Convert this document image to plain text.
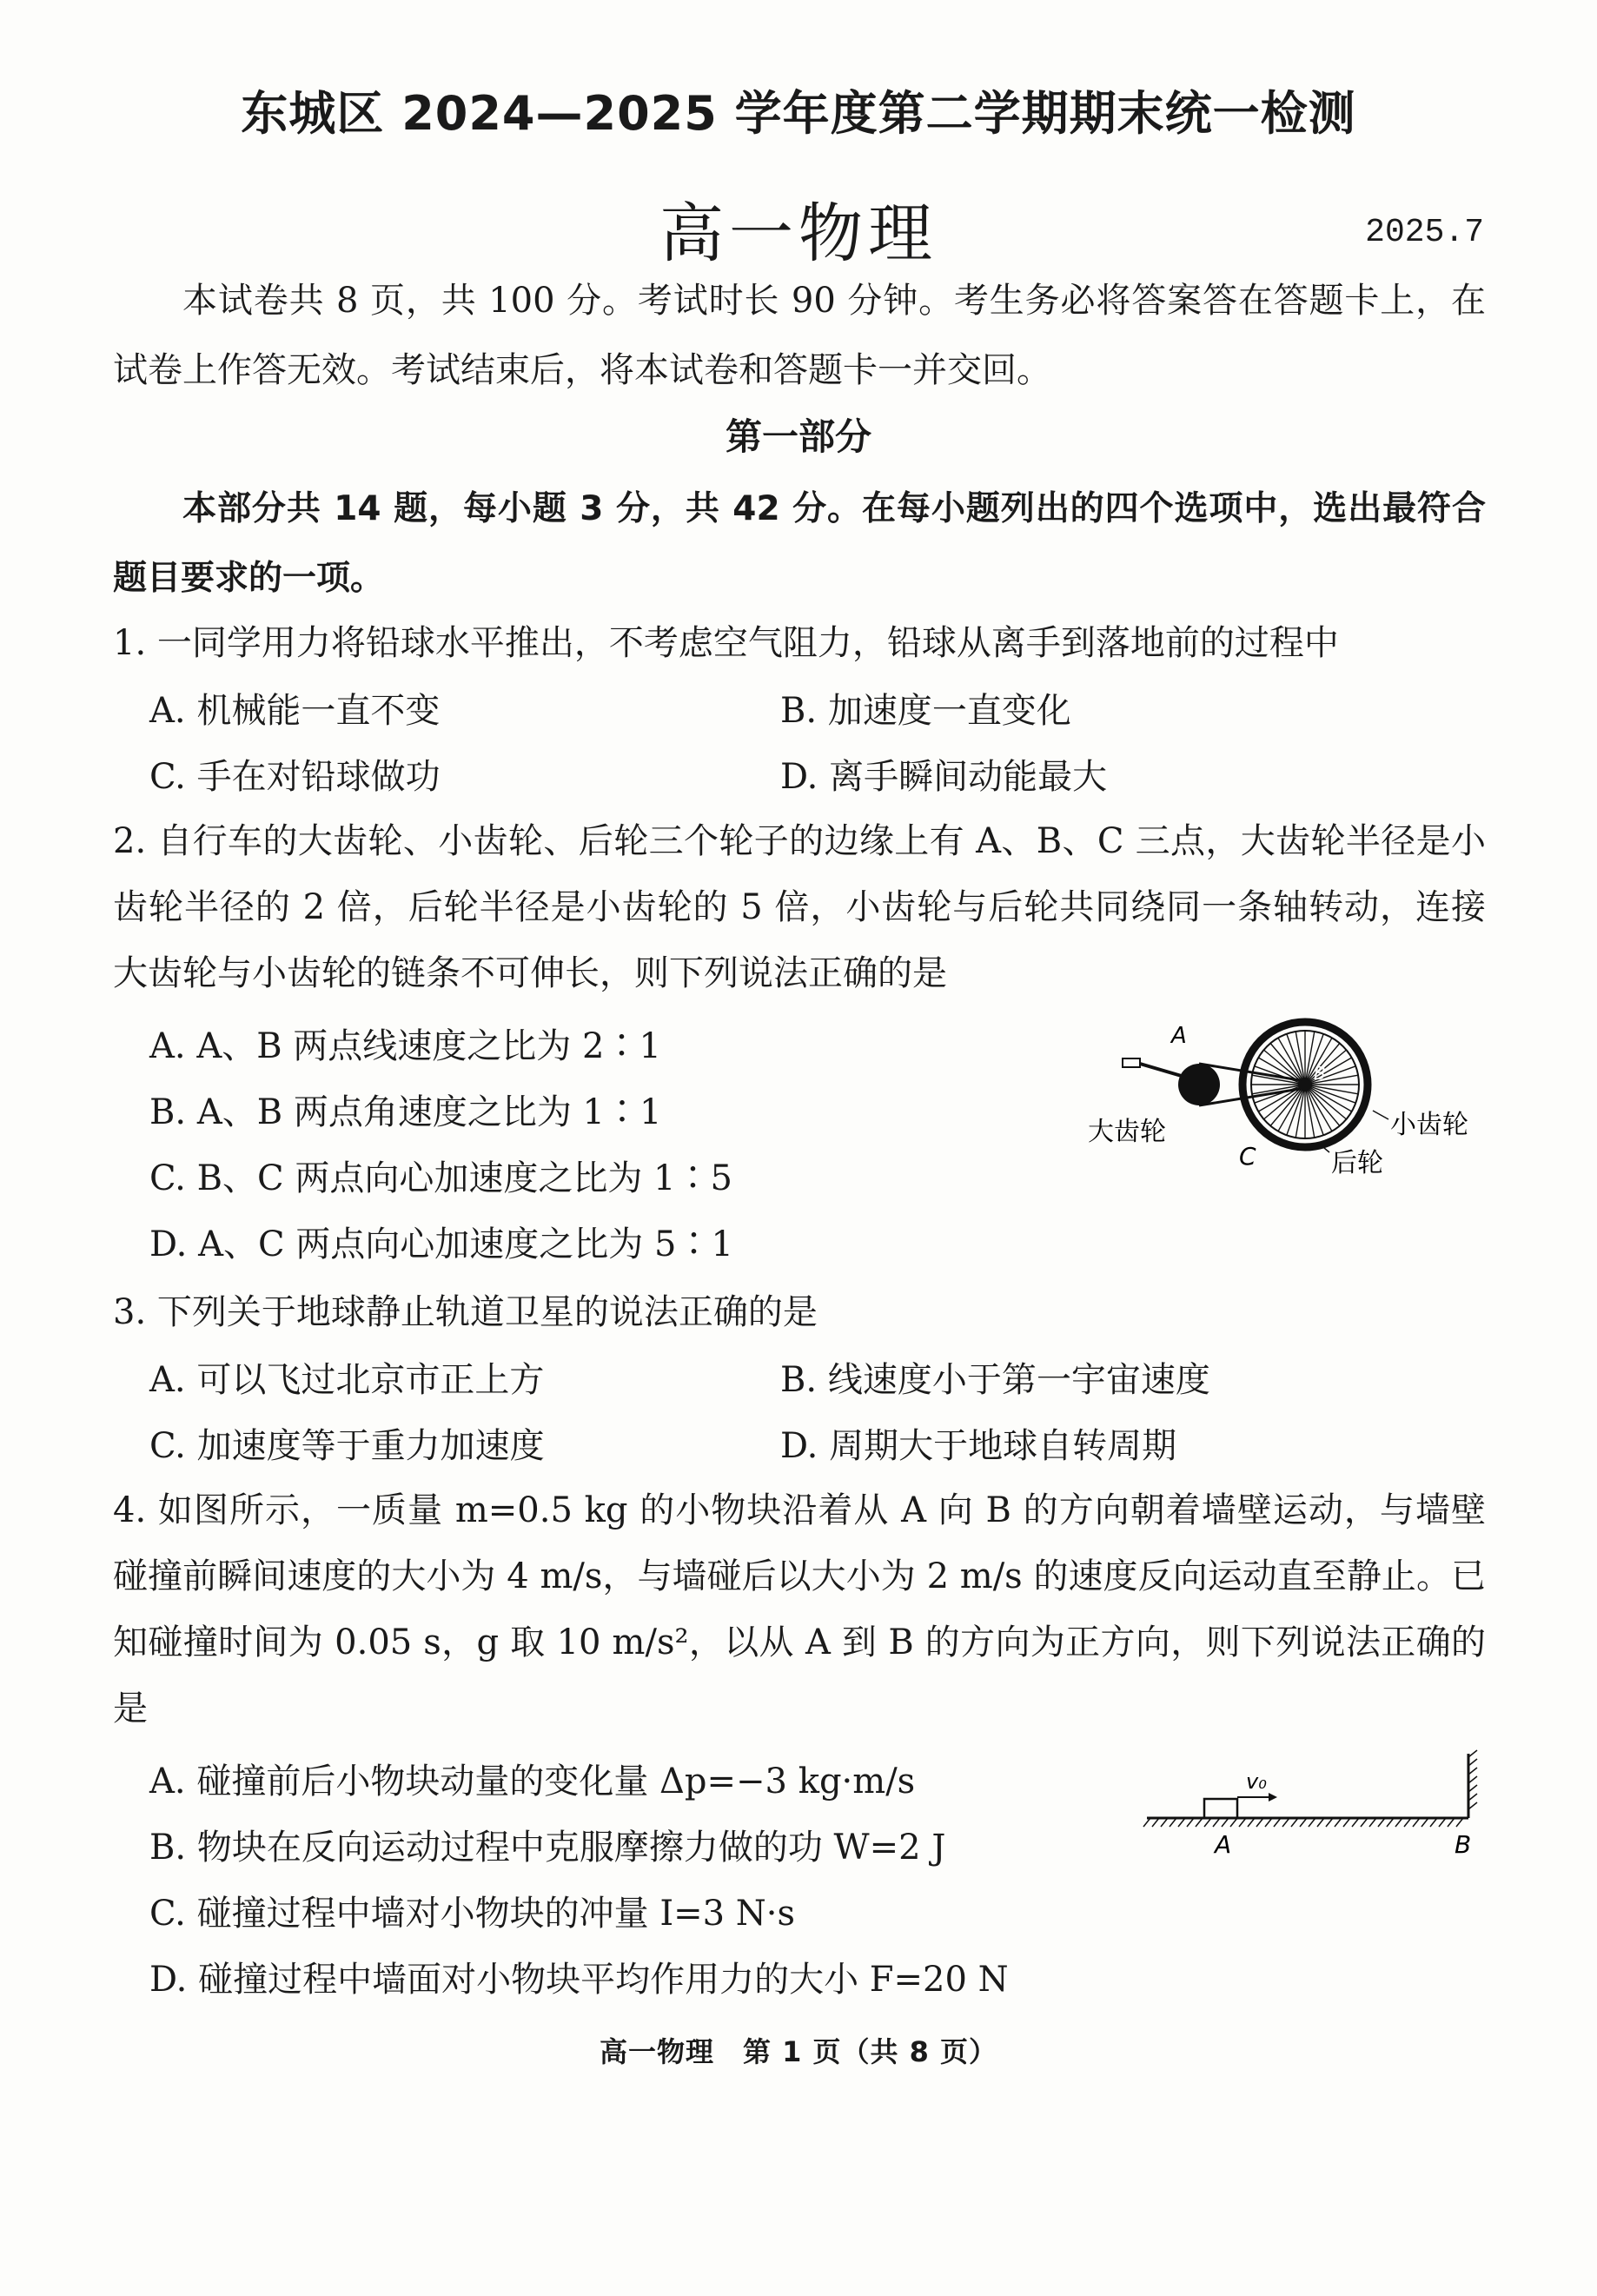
东城区 2024—2025 学年度第二学期期末统一检测
高一物理	2025.7
本试卷共 8 页，共 100 分。考试时长 90 分钟。考生务必将答案答在答题卡上，在试卷上作答无效。考试结束后，将本试卷和答题卡一并交回。
第一部分
本部分共 14 题，每小题 3 分，共 42 分。在每小题列出的四个选项中，选出最符合题目要求的一项。
1. 一同学用力将铅球水平推出，不考虑空气阻力，铅球从离手到落地前的过程中
A. 机械能一直不变	B. 加速度一直变化
C. 手在对铅球做功	D. 离手瞬间动能最大
2. 自行车的大齿轮、小齿轮、后轮三个轮子的边缘上有 A、B、C 三点，大齿轮半径是小齿轮半径的 2 倍，后轮半径是小齿轮的 5 倍，小齿轮与后轮共同绕同一条轴转动，连接大齿轮与小齿轮的链条不可伸长，则下列说法正确的是
A. A、B 两点线速度之比为 2∶1
B. A、B 两点角速度之比为 1∶1
C. B、C 两点向心加速度之比为 1∶5
D. A、C 两点向心加速度之比为 5∶1
A
B
C
大齿轮	小齿轮
后轮
3. 下列关于地球静止轨道卫星的说法正确的是
A. 可以飞过北京市正上方	B. 线速度小于第一宇宙速度
C. 加速度等于重力加速度	D. 周期大于地球自转周期
4. 如图所示，一质量 m=0.5 kg 的小物块沿着从 A 向 B 的方向朝着墙壁运动，与墙壁碰撞前瞬间速度的大小为 4 m/s，与墙碰后以大小为 2 m/s 的速度反向运动直至静止。已知碰撞时间为 0.05 s，g 取 10 m/s²，以从 A 到 B 的方向为正方向，则下列说法正确的是
A. 碰撞前后小物块动量的变化量 Δp=−3 kg·m/s
B. 物块在反向运动过程中克服摩擦力做的功 W=2 J
C. 碰撞过程中墙对小物块的冲量 I=3 N·s
D. 碰撞过程中墙面对小物块平均作用力的大小 F=20 N
v₀
A	B
高一物理　第 1 页（共 8 页）
